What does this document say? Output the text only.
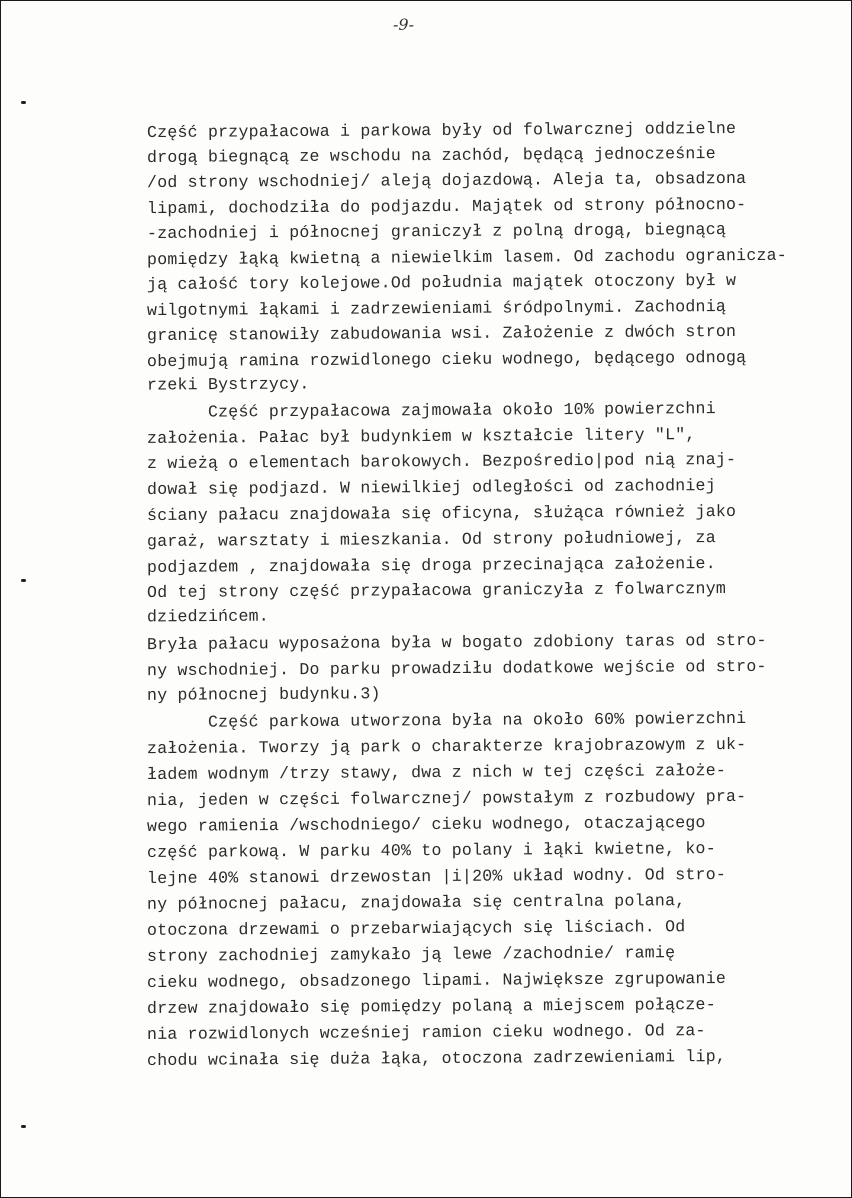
-9-
Część przypałacowa i parkowa były od folwarcznej oddzielne
drogą biegnącą ze wschodu na zachód, będącą jednocześnie
/od strony wschodniej/ aleją dojazdową. Aleja ta, obsadzona
lipami, dochodziła do podjazdu. Majątek od strony północno-
-zachodniej i północnej graniczył z polną drogą, biegnącą
pomiędzy łąką kwietną a niewielkim lasem. Od zachodu ogranicza-
ją całość tory kolejowe.Od południa majątek otoczony był w
wilgotnymi łąkami i zadrzewieniami śródpolnymi. Zachodnią
granicę stanowiły zabudowania wsi. Założenie z dwóch stron
obejmują ramina rozwidlonego cieku wodnego, będącego odnogą
rzeki Bystrzycy.
Część przypałacowa zajmowała około 10% powierzchni
założenia. Pałac był budynkiem w kształcie litery "L",
z wieżą o elementach barokowych. Bezpośredio|pod nią znaj-
dował się podjazd. W niewilkiej odległości od zachodniej
ściany pałacu znajdowała się oficyna, służąca również jako
garaż, warsztaty i mieszkania. Od strony południowej, za
podjazdem , znajdowała się droga przecinająca założenie.
Od tej strony część przypałacowa graniczyła z folwarcznym
dziedzińcem.
Bryła pałacu wyposażona była w bogato zdobiony taras od stro-
ny wschodniej. Do parku prowadziłu dodatkowe wejście od stro-
ny północnej budynku.3)
Część parkowa utworzona była na około 60% powierzchni
założenia. Tworzy ją park o charakterze krajobrazowym z uk-
ładem wodnym /trzy stawy, dwa z nich w tej części założe-
nia, jeden w części folwarcznej/ powstałym z rozbudowy pra-
wego ramienia /wschodniego/ cieku wodnego, otaczającego
część parkową. W parku 40% to polany i łąki kwietne, ko-
lejne 40% stanowi drzewostan |i|20% układ wodny. Od stro-
ny północnej pałacu, znajdowała się centralna polana,
otoczona drzewami o przebarwiających się liściach. Od
strony zachodniej zamykało ją lewe /zachodnie/ ramię
cieku wodnego, obsadzonego lipami. Największe zgrupowanie
drzew znajdowało się pomiędzy polaną a miejscem połącze-
nia rozwidlonych wcześniej ramion cieku wodnego. Od za-
chodu wcinała się duża łąka, otoczona zadrzewieniami lip,
